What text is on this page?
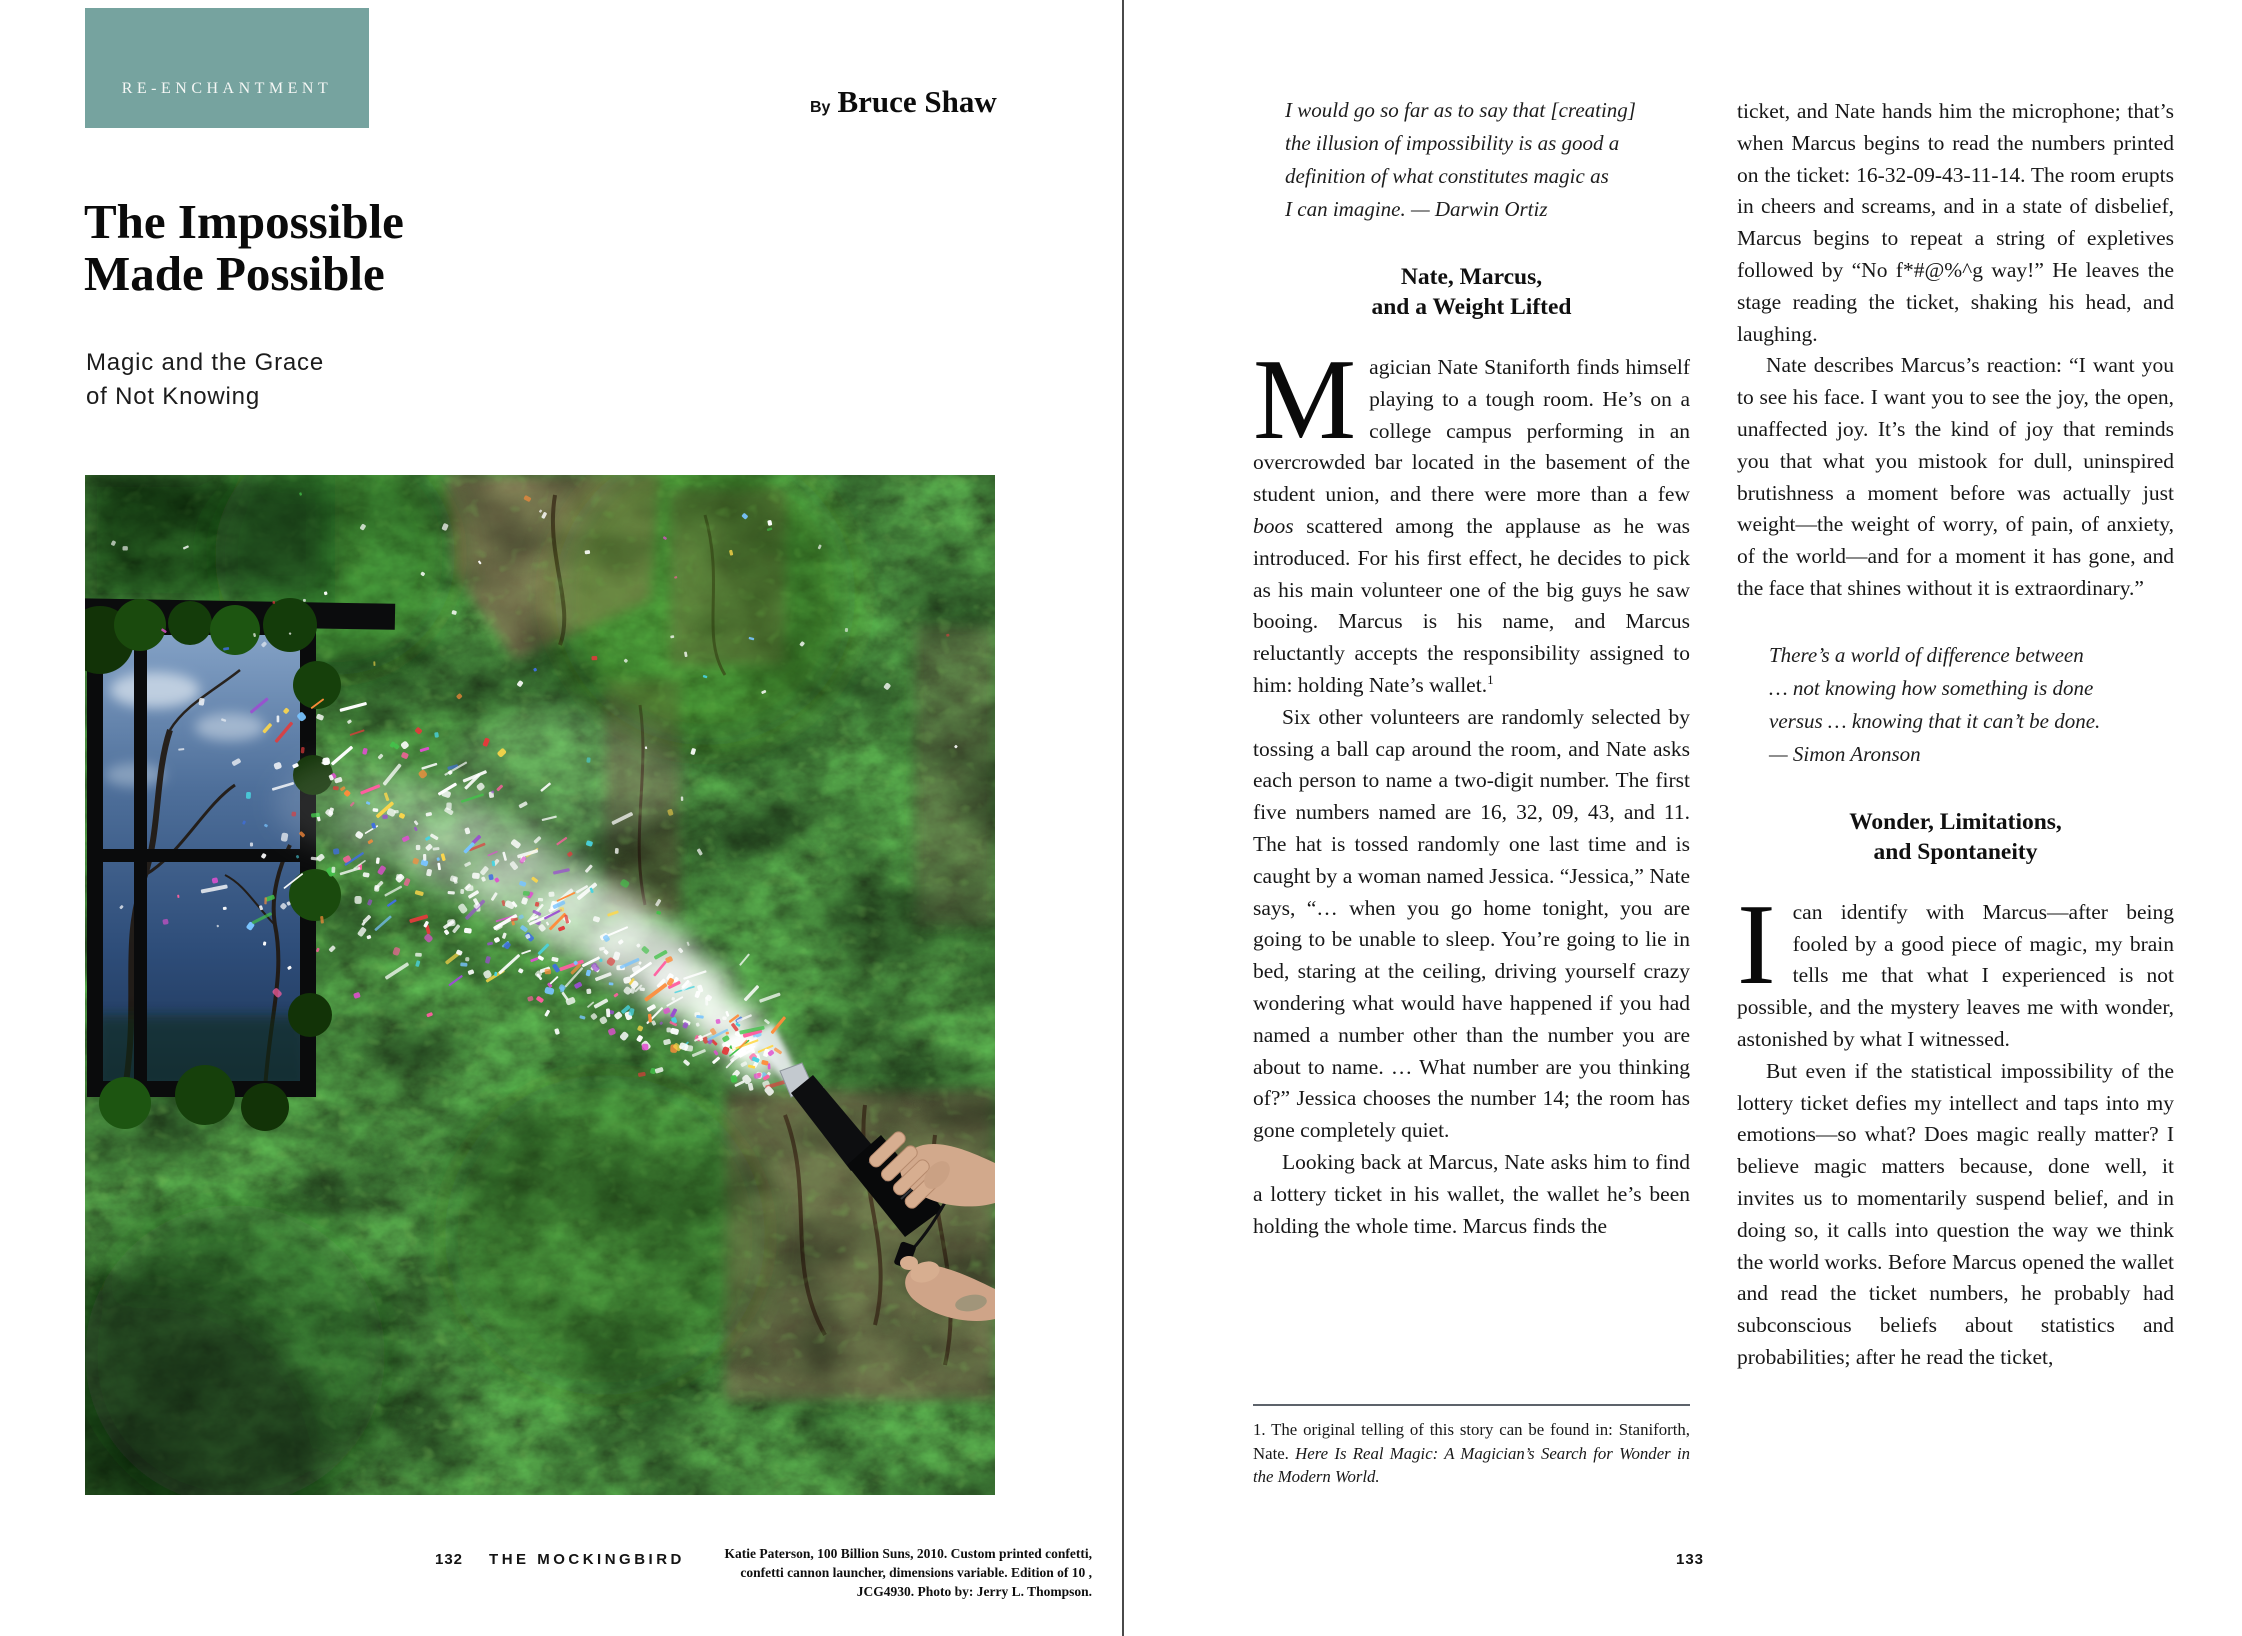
RE-ENCHANTMENT
By Bruce Shaw
The Impossible
Made Possible
Magic and the Grace
of Not Knowing
132 THE MOCKINGBIRD	Katie Paterson, 100 Billion Suns, 2010. Custom printed confetti,
confetti cannon launcher, dimensions variable. Edition of 10 ,
JCG4930. Photo by: Jerry L. Thompson.
I would go so far as to say that [creating]
the illusion of impossibility is as good a
definition of what constitutes magic as
I can imagine. — Darwin Ortiz
Nate, Marcus,
and a Weight Lifted

Magician Nate Staniforth finds himself playing to a tough room. He’s on a college campus performing in an overcrowded bar located in the basement of the student union, and there were more than a few boos scattered among the applause as he was introduced. For his first effect, he decides to pick as his main volunteer one of the big guys he saw booing. Marcus is his name, and Marcus reluctantly accepts the responsibility assigned to him: holding Nate’s wallet.$^1$

Six other volunteers are randomly selected by tossing a ball cap around the room, and Nate asks each person to name a two-digit number. The first five numbers named are 16, 32, 09, 43, and 11. The hat is tossed randomly one last time and is caught by a woman named Jessica. “Jessica,” Nate says, “… when you go home tonight, you are going to be unable to sleep. You’re going to lie in bed, staring at the ceiling, driving yourself crazy wondering what would have happened if you had named a number other than the number you are about to name. … What number are you thinking of?” Jessica chooses the number 14; the room has gone completely quiet.

Looking back at Marcus, Nate asks him to find a lottery ticket in his wallet, the wallet he’s been holding the whole time. Marcus finds the

1. The original telling of this story can be found in: Staniforth, Nate. Here Is Real Magic: A Magician’s Search for Wonder in the Modern World.

ticket, and Nate hands him the microphone; that’s when Marcus begins to read the numbers printed on the ticket: 16-32-09-43-11-14. The room erupts in cheers and screams, and in a state of disbelief, Marcus begins to repeat a string of expletives followed by “No f*#@%^g way!” He leaves the stage reading the ticket, shaking his head, and laughing.

Nate describes Marcus’s reaction: “I want you to see his face. I want you to see the joy, the open, unaffected joy. It’s the kind of joy that reminds you that what you mistook for dull, uninspired brutishness a moment before was actually just weight—the weight of worry, of pain, of anxiety, of the world—and for a moment it has gone, and the face that shines without it is extraordinary.”

There’s a world of difference between
… not knowing how something is done
versus … knowing that it can’t be done.
— Simon Aronson
Wonder, Limitations,
and Spontaneity

Ican identify with Marcus—after being fooled by a good piece of magic, my brain tells me that what I experienced is not possible, and the mystery leaves me with wonder, astonished by what I witnessed.

But even if the statistical impossibility of the lottery ticket defies my intellect and taps into my emotions—so what? Does magic really matter? I believe magic matters because, done well, it invites us to momentarily suspend belief, and in doing so, it calls into question the way we think the world works. Before Marcus opened the wallet and read the ticket numbers, he probably had subconscious beliefs about statistics and probabilities; after he read the ticket,

133
